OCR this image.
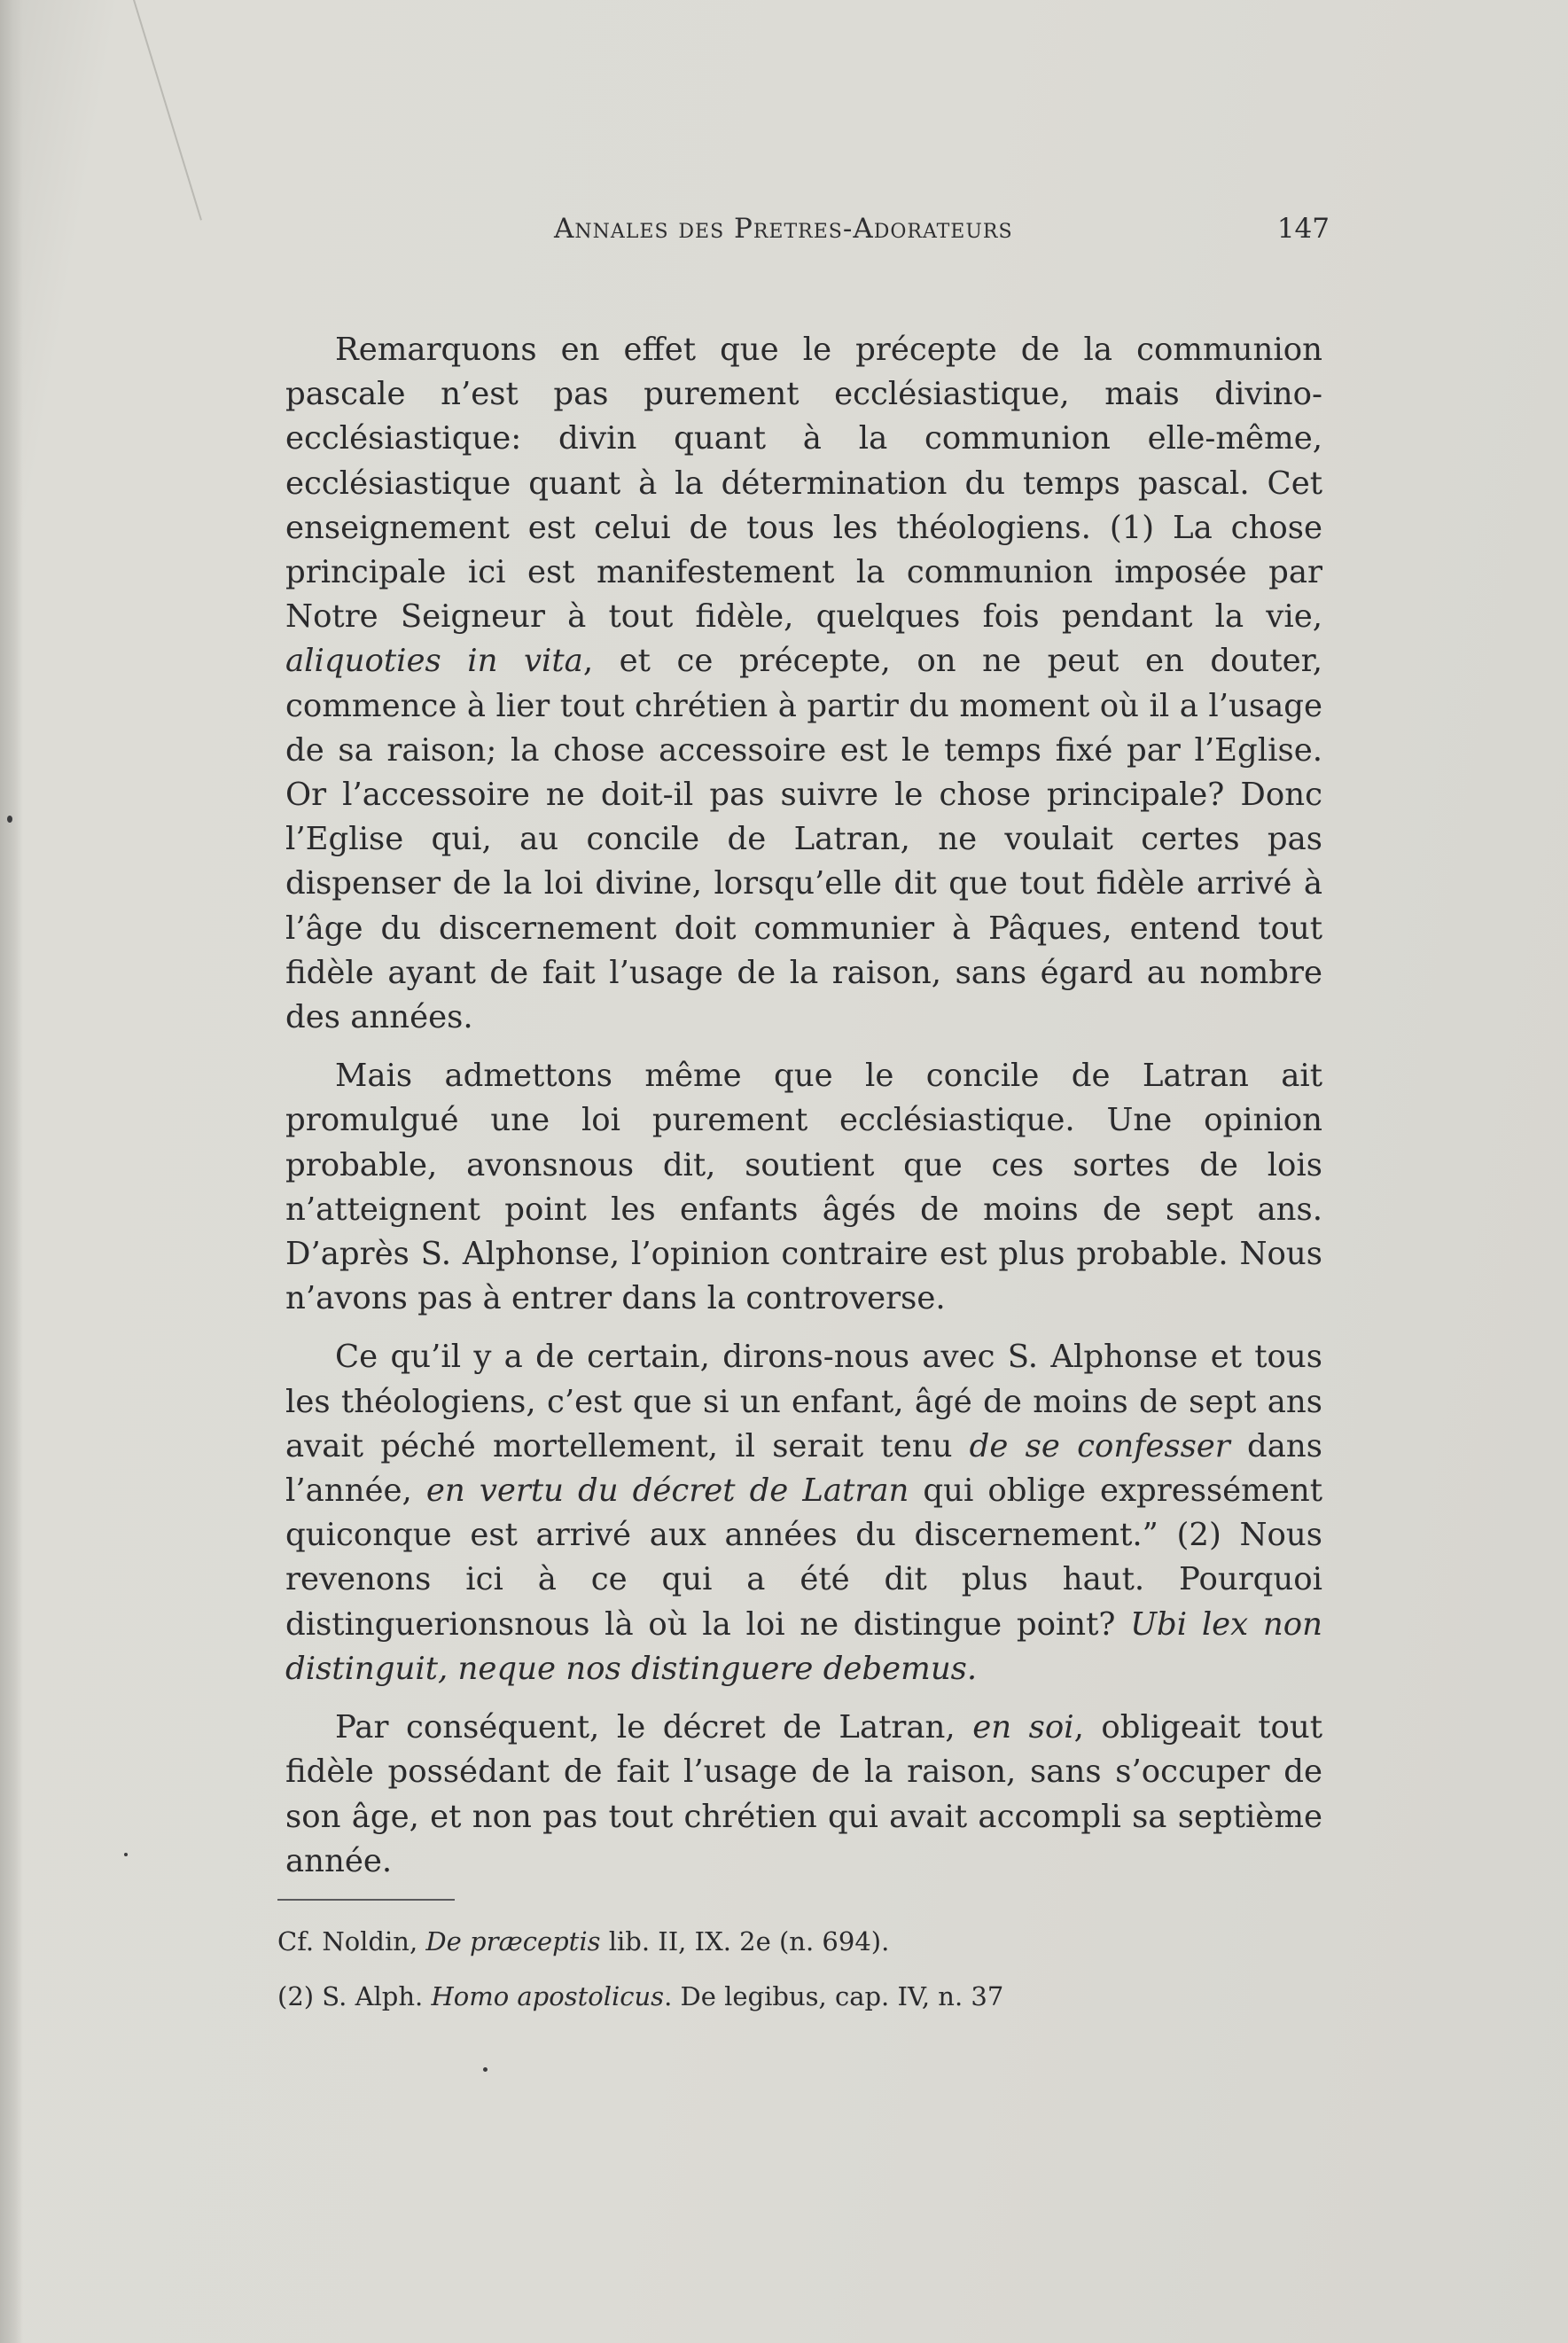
Annales des Pretres-Adorateurs	147

Remarquons en effet que le précepte de la communion pascale n’est pas purement ecclésiastique, mais divino-ecclésiastique: divin quant à la communion elle-même, ecclésiastique quant à la détermination du temps pascal. Cet enseignement est celui de tous les théologiens. (1) La chose principale ici est manifestement la communion imposée par Notre Seigneur à tout fidèle, quelques fois pendant la vie, aliquoties in vita, et ce précepte, on ne peut en douter, commence à lier tout chrétien à partir du moment où il a l’usage de sa raison; la chose accessoire est le temps fixé par l’Eglise. Or l’accessoire ne doit-il pas suivre le chose principale? Donc l’Eglise qui, au concile de Latran, ne voulait certes pas dispenser de la loi divine, lorsqu’elle dit que tout fidèle arrivé à l’âge du discernement doit communier à Pâques, entend tout fidèle ayant de fait l’usage de la raison, sans égard au nombre des années.

Mais admettons même que le concile de Latran ait promulgué une loi purement ecclésiastique. Une opinion probable, avonsnous dit, soutient que ces sortes de lois n’atteignent point les enfants âgés de moins de sept ans. D’après S. Alphonse, l’opinion contraire est plus probable. Nous n’avons pas à entrer dans la controverse.

Ce qu’il y a de certain, dirons-nous avec S. Alphonse et tous les théologiens, c’est que si un enfant, âgé de moins de sept ans avait péché mortellement, il serait tenu de se confesser dans l’année, en vertu du décret de Latran qui oblige expressément quiconque est arrivé aux années du discernement.” (2) Nous revenons ici à ce qui a été dit plus haut. Pourquoi distinguerionsnous là où la loi ne distingue point? Ubi lex non distinguit, neque nos distinguere debemus.

Par conséquent, le décret de Latran, en soi, obligeait tout fidèle possédant de fait l’usage de la raison, sans s’occuper de son âge, et non pas tout chrétien qui avait accompli sa septième année.

Cf. Noldin, De præceptis lib. II, IX. 2e (n. 694).

(2) S. Alph. Homo apostolicus. De legibus, cap. IV, n. 37
